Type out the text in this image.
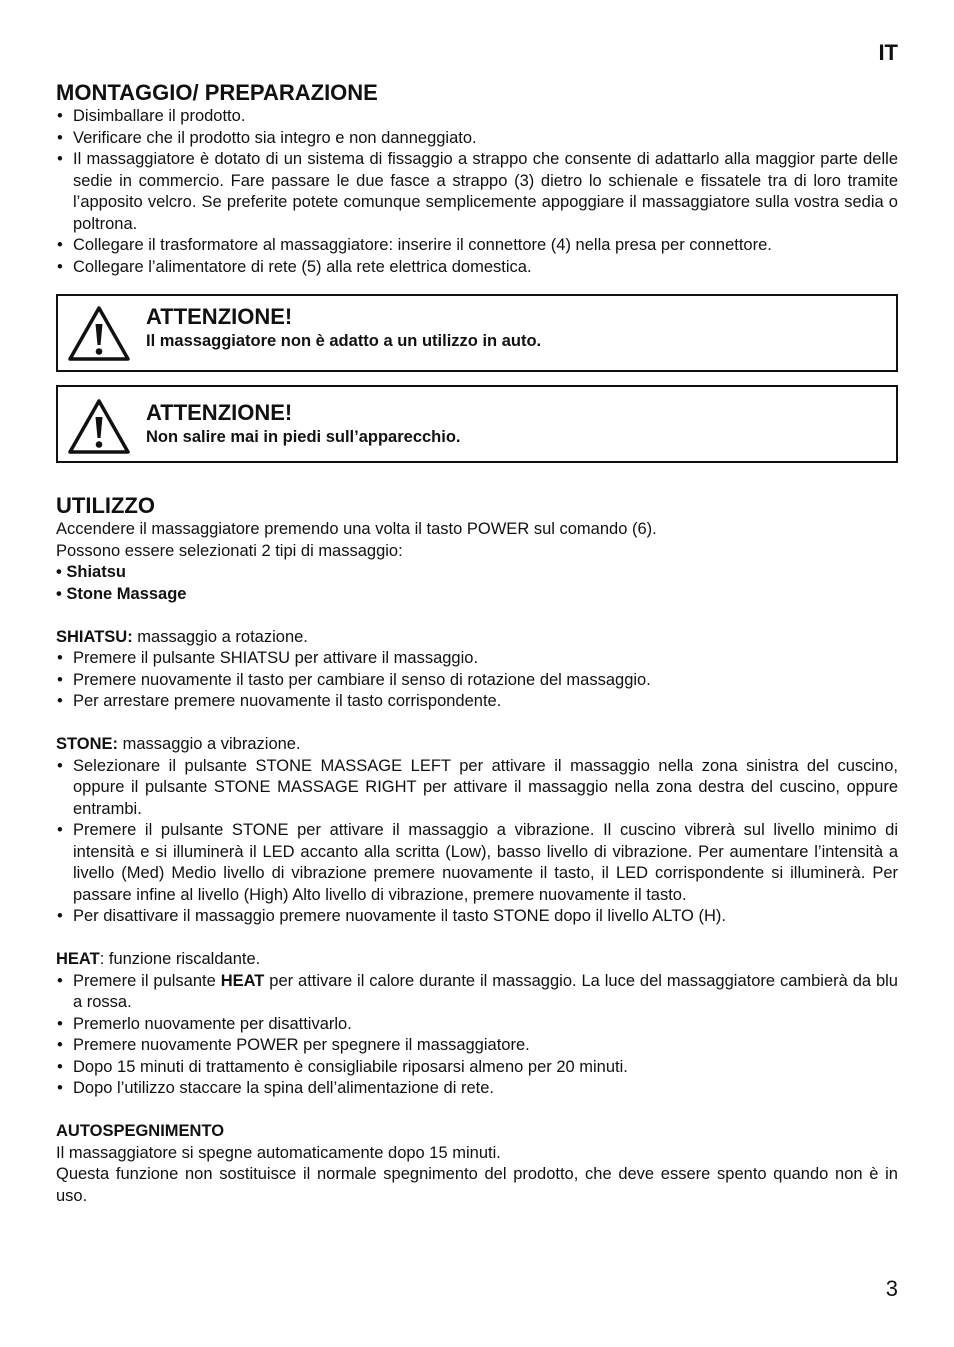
IT
MONTAGGIO/ PREPARAZIONE
• Disimballare il prodotto.
• Verificare che il prodotto sia integro e non danneggiato.
• Il massaggiatore è dotato di un sistema di fissaggio a strappo che consente di adattarlo alla maggior parte delle sedie in commercio. Fare passare le due fasce a strappo (3) dietro lo schienale e fissatele tra di loro tramite l’apposito velcro. Se preferite potete comunque semplicemente appoggiare il massaggiatore sulla vostra sedia o poltrona.
• Collegare il trasformatore al massaggiatore: inserire il connettore (4) nella presa per connettore.
• Collegare l’alimentatore di rete (5) alla rete elettrica domestica.
ATTENZIONE!
Il massaggiatore non è adatto a un utilizzo in auto.
ATTENZIONE!
Non salire mai in piedi sull’apparecchio.
UTILIZZO

Accendere il massaggiatore premendo una volta il tasto POWER sul comando (6).

Possono essere selezionati 2 tipi di massaggio:

• Shiatsu

• Stone Massage

SHIATSU: massaggio a rotazione.

• Premere il pulsante SHIATSU per attivare il massaggio.
• Premere nuovamente il tasto per cambiare il senso di rotazione del massaggio.
• Per arrestare premere nuovamente il tasto corrispondente.

STONE: massaggio a vibrazione.

• Selezionare il pulsante STONE MASSAGE LEFT per attivare il massaggio nella zona sinistra del cuscino, oppure il pulsante STONE MASSAGE RIGHT per attivare il massaggio nella zona destra del cuscino, oppure entrambi.
• Premere il pulsante STONE per attivare il massaggio a vibrazione. Il cuscino vibrerà sul livello minimo di intensità e si illuminerà il LED accanto alla scritta (Low), basso livello di vibrazione. Per aumentare l’intensità a livello (Med) Medio livello di vibrazione premere nuovamente il tasto, il LED corrispondente si illuminerà. Per passare infine al livello (High) Alto livello di vibrazione, premere nuovamente il tasto.
• Per disattivare il massaggio premere nuovamente il tasto STONE dopo il livello ALTO (H).

HEAT: funzione riscaldante.

• Premere il pulsante HEAT per attivare il calore durante il massaggio. La luce del massaggiatore cambierà da blu a rossa.
• Premerlo nuovamente per disattivarlo.
• Premere nuovamente POWER per spegnere il massaggiatore.
• Dopo 15 minuti di trattamento è consigliabile riposarsi almeno per 20 minuti.
• Dopo l’utilizzo staccare la spina dell’alimentazione di rete.

AUTOSPEGNIMENTO

Il massaggiatore si spegne automaticamente dopo 15 minuti.

Questa funzione non sostituisce il normale spegnimento del prodotto, che deve essere spento quando non è in uso.

3
